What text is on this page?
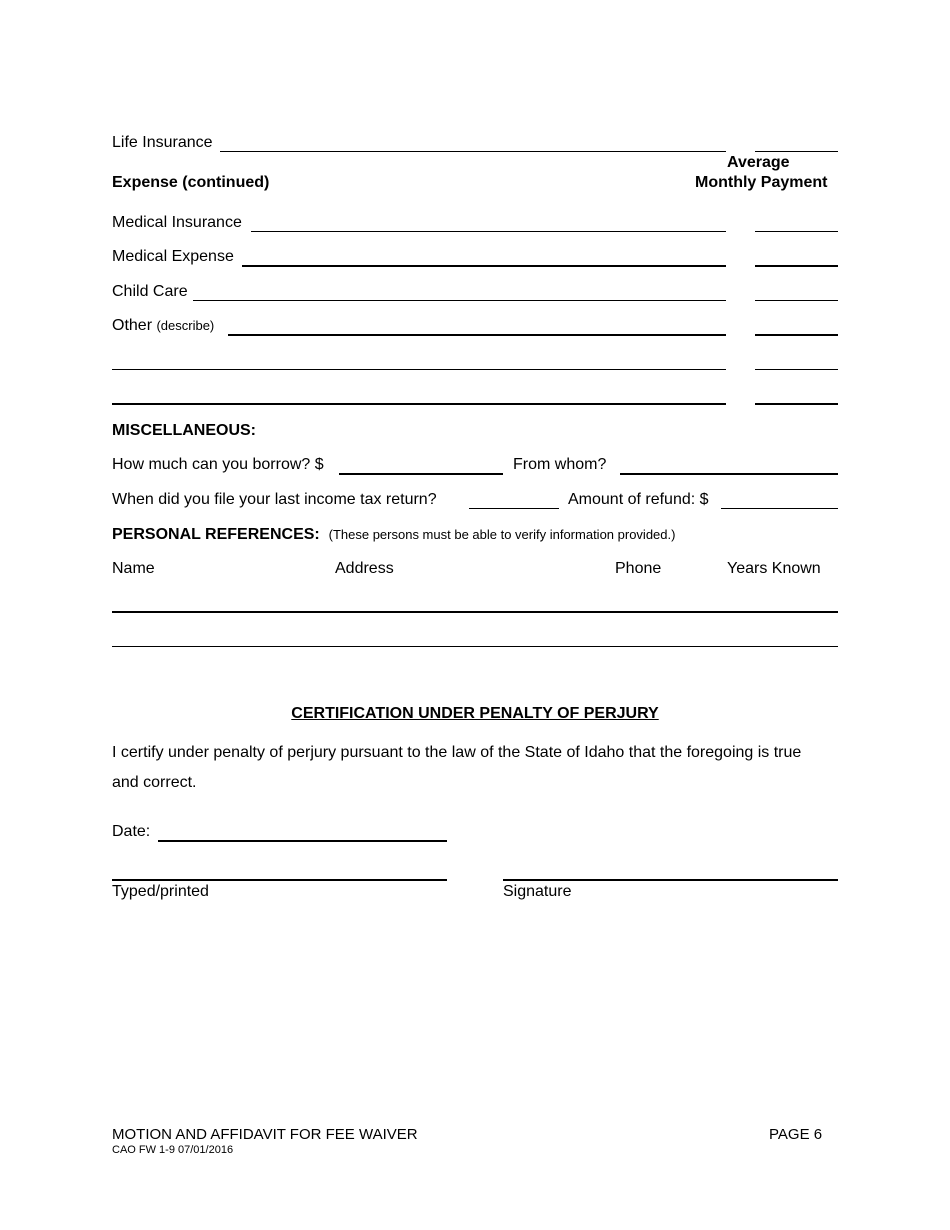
Life Insurance
Expense (continued)
Average
Monthly Payment
Medical Insurance
Medical Expense
Child Care
Other (describe)
MISCELLANEOUS:
How much can you borrow? $	From whom?
When did you file your last income tax return?	Amount of refund: $
PERSONAL REFERENCES: (These persons must be able to verify information provided.)
Name	Address	Phone	Years Known
CERTIFICATION UNDER PENALTY OF PERJURY
I certify under penalty of perjury pursuant to the law of the State of Idaho that the foregoing is true and correct.
Date:
Typed/printed	Signature
MOTION AND AFFIDAVIT FOR FEE WAIVER
CAO FW 1-9 07/01/2016
PAGE 6
